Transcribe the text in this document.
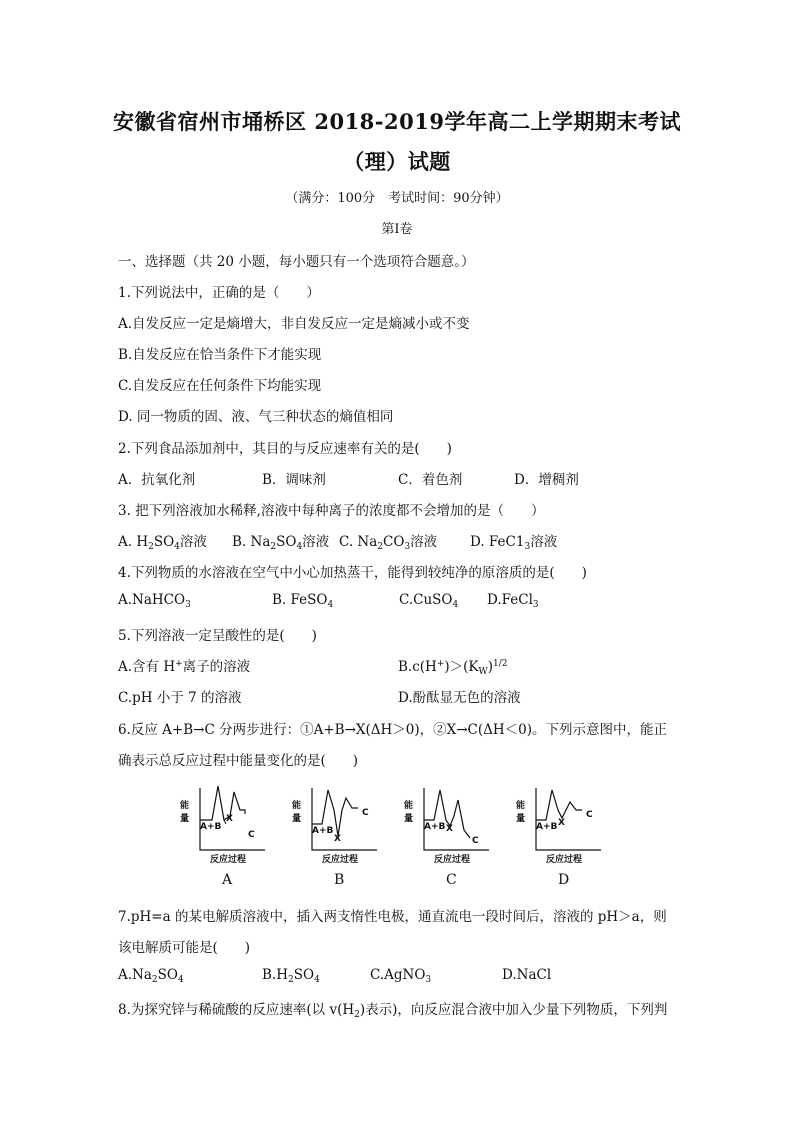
安徽省宿州市埇桥区 2018-2019学年高二上学期期末考试
（理）试题
（满分：100分　考试时间：90分钟）
第Ⅰ卷
一、选择题（共 20 小题，每小题只有一个选项符合题意。）
1.下列说法中，正确的是（　　）
A.自发反应一定是熵增大，非自发反应一定是熵减小或不变
B.自发反应在恰当条件下才能实现
C.自发反应在任何条件下均能实现
D. 同一物质的固、液、气三种状态的熵值相同
2.下列食品添加剂中，其目的与反应速率有关的是(　　)
A．抗氧化剂	B．调味剂	C．着色剂	D．增稠剂
3. 把下列溶液加水稀释,溶液中每种离子的浓度都不会增加的是（　　）
A. $H_2SO_4$溶液 B. $Na_2SO_4$溶液 C. $Na_2CO_3$溶液 D. $FeC1_3$溶液
4.下列物质的水溶液在空气中小心加热蒸干，能得到较纯净的原溶质的是(　　)
A.NaHCO$_3$	B. FeSO$_4$	C.CuSO$_4$ D.FeCl$_3$
5.下列溶液一定呈酸性的是(　　)
A.含有 H+离子的溶液	$B.c(H^+)>(K_W)^{1/2}$
C.pH 小于 7 的溶液	D.酚酞显无色的溶液
6.反应 A+B→C 分两步进行：①A+B→X(ΔH＞0)，②X→C(ΔH＜0)。下列示意图中，能正
确表示总反应过程中能量变化的是(　　)
能
量
A+B
X
C
反应过程
A
能
量
A+B
X
C
反应过程
B
能
量
A+B X
C
反应过程
C
能
量
A+B X
C
反应过程
D
7.pH=a 的某电解质溶液中，插入两支惰性电极，通直流电一段时间后，溶液的 pH＞a，则
该电解质可能是(　　)
$A.Na_2SO_4$	$B.H_2SO_4$	C.AgNO$_3$	D.NaCl
8.为探究锌与稀硫酸的反应速率(以 $v(H_2)$表示)，向反应混合液中加入少量下列物质，下列判
